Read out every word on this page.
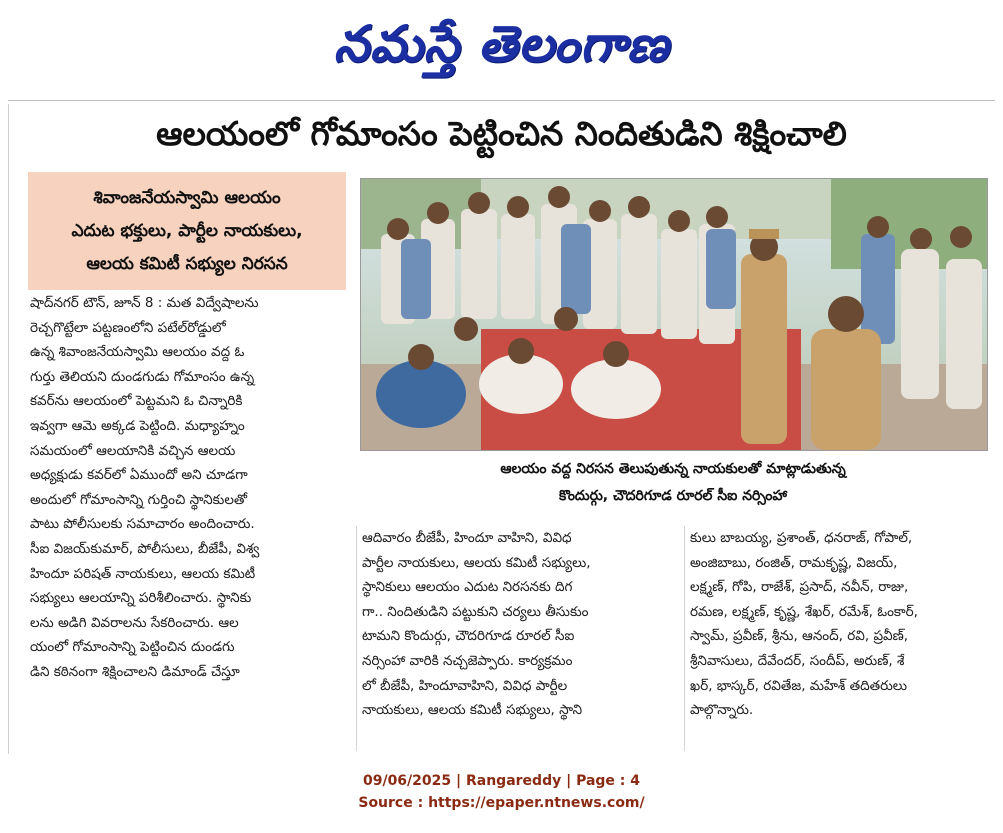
నమస్తే తెలంగాణ
ఆలయంలో గోమాంసం పెట్టించిన నిందితుడిని శిక్షించాలి
శివాంజనేయస్వామి ఆలయం
ఎదుట భక్తులు, పార్టీల నాయకులు,
ఆలయ కమిటీ సభ్యుల నిరసన
ఆలయం వద్ద నిరసన తెలుపుతున్న నాయకులతో మాట్లాడుతున్న
కొందుర్గు, చౌదరిగూడ రూరల్ సీఐ నర్సింహా
షాద్‌నగర్ టౌన్, జూన్ 8 : మత విద్వేషాలను
రెచ్చగొట్టేలా పట్టణంలోని పటేల్‌రోడ్డులో
ఉన్న శివాంజనేయస్వామి ఆలయం వద్ద ఓ
గుర్తు తెలియని దుండగుడు గోమాంసం ఉన్న
కవర్‌ను ఆలయంలో పెట్టమని ఓ చిన్నారికి
ఇవ్వగా ఆమె అక్కడ పెట్టింది. మధ్యాహ్నం
సమయంలో ఆలయానికి వచ్చిన ఆలయ
అధ్యక్షుడు కవర్‌లో ఏముందో అని చూడగా
అందులో గోమాంసాన్ని గుర్తించి స్థానికులతో
పాటు పోలీసులకు సమాచారం అందించారు.
సీఐ విజయ్‌కుమార్, పోలీసులు, బీజేపీ, విశ్వ
హిందూ పరిషత్ నాయకులు, ఆలయ కమిటీ
సభ్యులు ఆలయాన్ని పరిశీలించారు. స్థానికు
లను అడిగి వివరాలను సేకరించారు. ఆల
యంలో గోమాంసాన్ని పెట్టించిన దుండగు
డిని కఠినంగా శిక్షించాలని డిమాండ్ చేస్తూ
ఆదివారం బీజేపీ, హిందూ వాహిని, వివిధ
పార్టీల నాయకులు, ఆలయ కమిటీ సభ్యులు,
స్థానికులు ఆలయం ఎదుట నిరసనకు దిగ
గా.. నిందితుడిని పట్టుకుని చర్యలు తీసుకుం
టామని కొందుర్గు, చౌదరిగూడ రూరల్ సీఐ
నర్సింహా వారికి నచ్చజెప్పారు. కార్యక్రమం
లో బీజేపీ, హిందూవాహిని, వివిధ పార్టీల
నాయకులు, ఆలయ కమిటీ సభ్యులు, స్థాని
కులు బాబయ్య, ప్రశాంత్, ధనరాజ్, గోపాల్,
అంజిబాబు, రంజిత్, రామకృష్ణ, విజయ్,
లక్ష్మణ్, గోపి, రాజేశ్, ప్రసాద్, నవీన్, రాజు,
రమణ, లక్ష్మణ్, కృష్ణ, శేఖర్, రమేశ్, ఓంకార్,
స్వామ్, ప్రవీణ్, శ్రీను, ఆనంద్, రవి, ప్రవీణ్,
శ్రీనివాసులు, దేవేందర్, సందీప్, అరుణ్, శే
ఖర్, భాస్కర్, రవితేజ, మహేశ్ తదితరులు
పాల్గొన్నారు.
09/06/2025 | Rangareddy | Page : 4
Source : https://epaper.ntnews.com/
